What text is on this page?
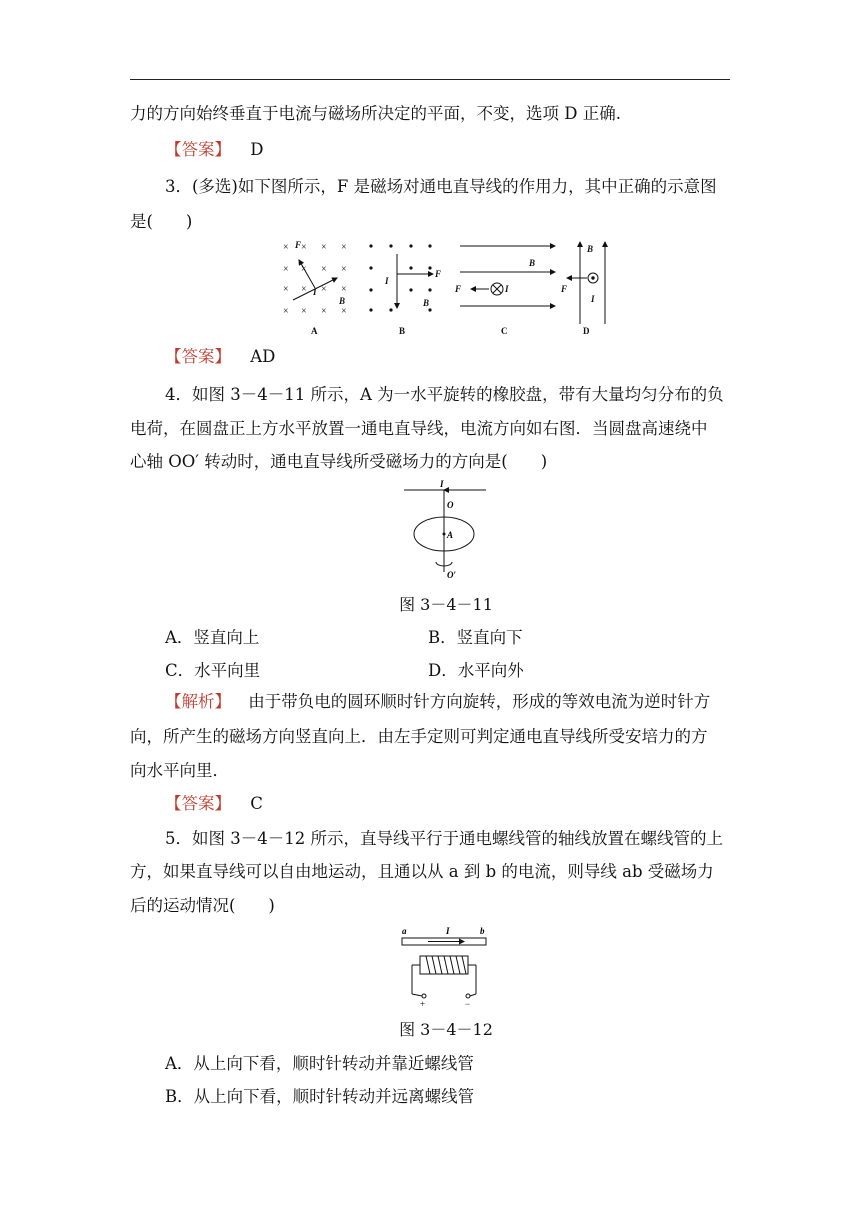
力的方向始终垂直于电流与磁场所决定的平面，不变，选项 D 正确.
【答案】 D
3．(多选)如下图所示，F 是磁场对通电直导线的作用力，其中正确的示意图
是(　　)
× × × ×
× × × ×
× × × ×
× × × ×
F
I
B
F
I
B
F	I
B
F
I
B
A	B	C	D
【答案】 AD
4．如图 3－4－11 所示，A 为一水平旋转的橡胶盘，带有大量均匀分布的负
电荷，在圆盘正上方水平放置一通电直导线，电流方向如右图．当圆盘高速绕中
心轴 OO′ 转动时，通电直导线所受磁场力的方向是(　　)
I
O
A
O′
图 3－4－11
A．竖直向上	B．竖直向下
C．水平向里	D．水平向外
【解析】 由于带负电的圆环顺时针方向旋转，形成的等效电流为逆时针方
向，所产生的磁场方向竖直向上．由左手定则可判定通电直导线所受安培力的方
向水平向里．
【答案】 C
5．如图 3－4－12 所示，直导线平行于通电螺线管的轴线放置在螺线管的上
方，如果直导线可以自由地运动，且通以从 a 到 b 的电流，则导线 ab 受磁场力
后的运动情况(　　)
a	I	b
+	−
图 3－4－12
A．从上向下看，顺时针转动并靠近螺线管
B．从上向下看，顺时针转动并远离螺线管
